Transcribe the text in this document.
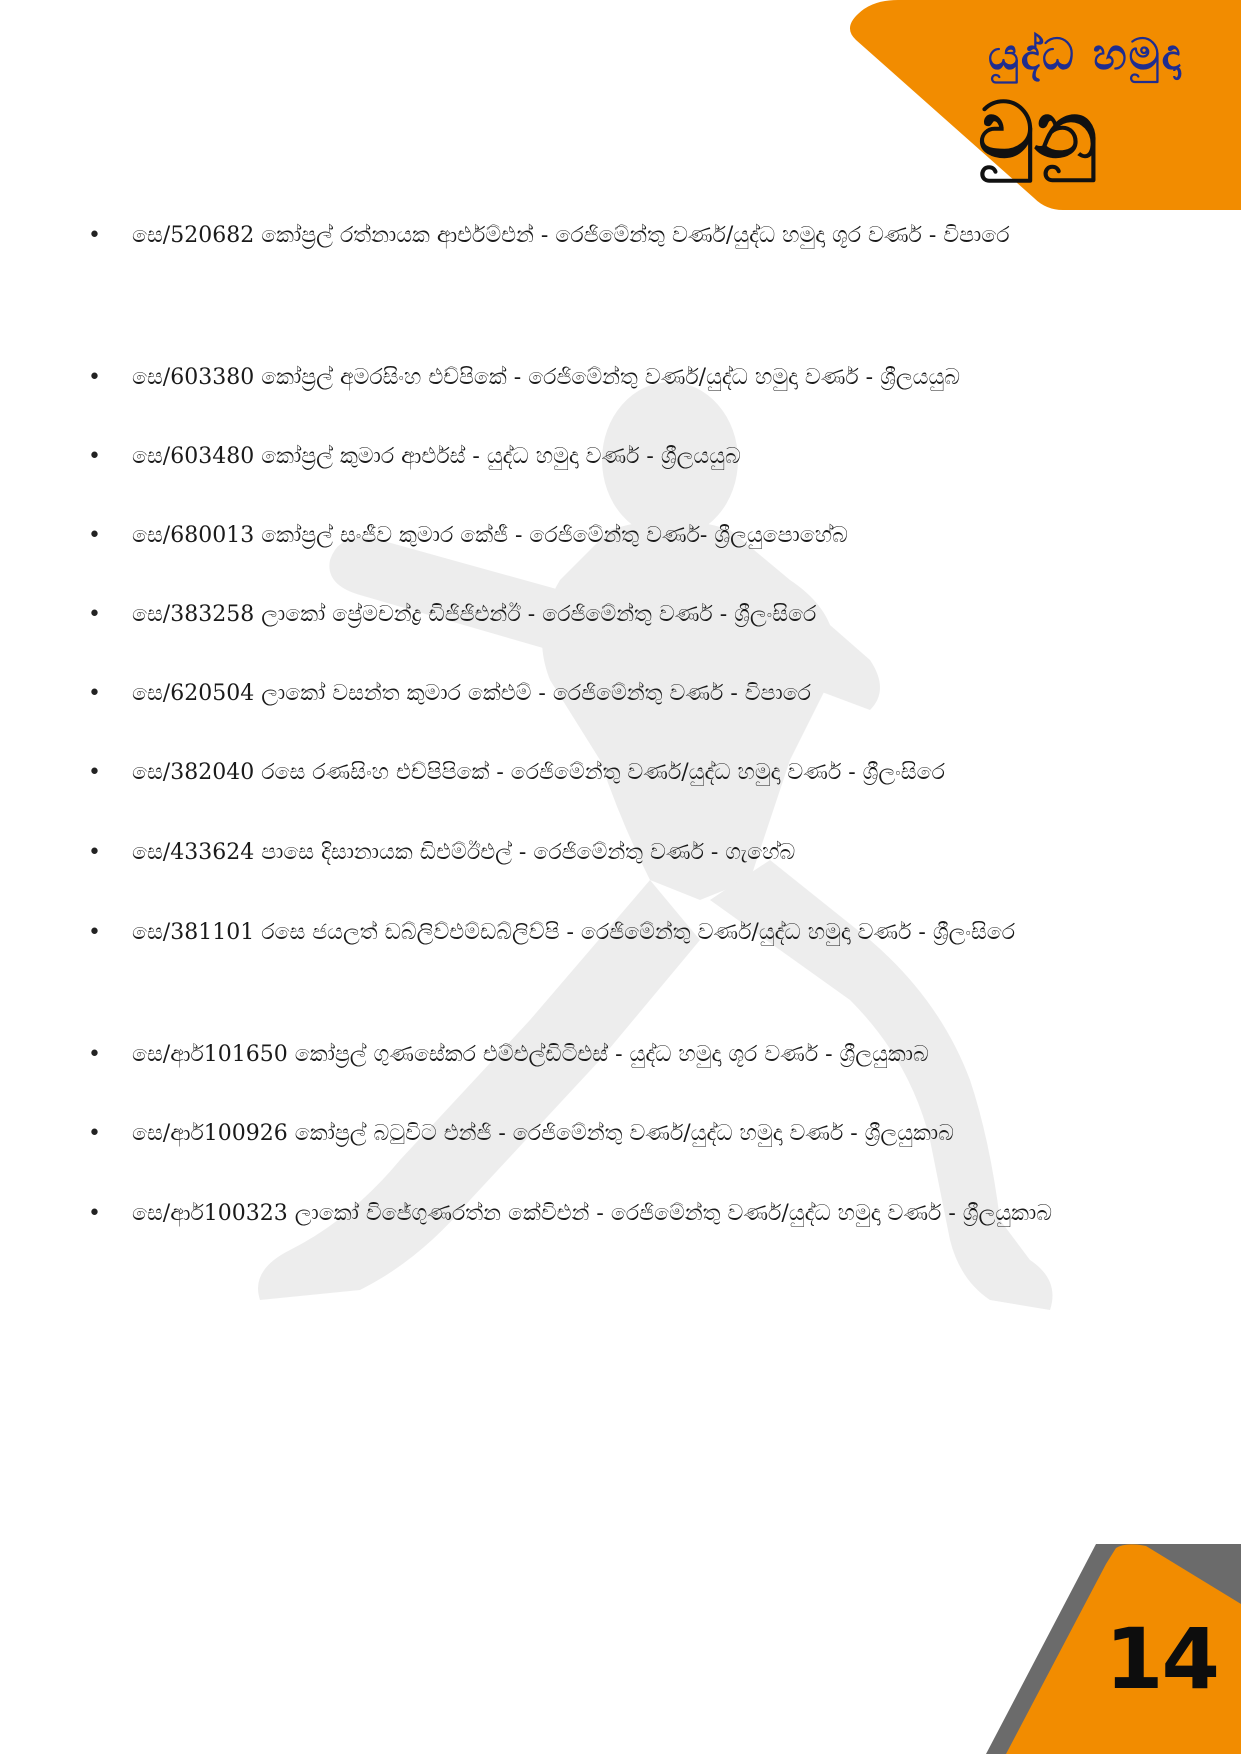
යුද්ධ හමුදා
වුනු
• සෙ/520682 කෝප්‍රල් රත්නායක ආර්එම්එන් - රෙජිමේන්තු වර්ණ/යුද්ධ හමුදා ශූර වර්ණ - විපාරෙ
• සෙ/603380 කෝප්‍රල් අමරසිංහ එච්පිකේ - රෙජිමේන්තු වර්ණ/යුද්ධ හමුදා වර්ණ - ශ්‍රීලයයුබ
• සෙ/603480 කෝප්‍රල් කුමාර ආර්එස් - යුද්ධ හමුදා වර්ණ - ශ්‍රීලයයුබ
• සෙ/680013 කෝප්‍රල් සංජීව කුමාර කේජී - රෙජිමේන්තු වර්ණ- ශ්‍රීලයුපොහේබ
• සෙ/383258 ලාකෝ ප්‍රේමචන්ද්‍ර ඩිජිජිඑන්ඊ - රෙජිමේන්තු වර්ණ - ශ්‍රීලංසිරෙ
• සෙ/620504 ලාකෝ වසන්ත කුමාර කේඑම් - රෙජිමේන්තු වර්ණ - විපාරෙ
• සෙ/382040 රසෙ රණසිංහ එච්පිපිකේ - රෙජිමේන්තු වර්ණ/යුද්ධ හමුදා වර්ණ - ශ්‍රීලංසිරෙ
• සෙ/433624 පාසෙ දිසානායක ඩිඑම්ඊඑල් - රෙජිමේන්තු වර්ණ - ගැහේබ
• සෙ/381101 රසෙ ජයලත් ඩබ්ලිව්එම්ඩබ්ලිව්පි - රෙජිමේන්තු වර්ණ/යුද්ධ හමුදා වර්ණ - ශ්‍රීලංසිරෙ
• සෙ/ආර්101650 කෝප්‍රල් ගුණසේකර එම්එල්ඩිටිඑස් - යුද්ධ හමුදා ශූර වර්ණ - ශ්‍රීලයුකාබ
• සෙ/ආර්100926 කෝප්‍රල් බටුවිට එන්ජි - රෙජිමේන්තු වර්ණ/යුද්ධ හමුදා වර්ණ - ශ්‍රීලයුකාබ
• සෙ/ආර්100323 ලාකෝ විජේගුණරත්න කේවිඑන් - රෙජිමේන්තු වර්ණ/යුද්ධ හමුදා වර්ණ - ශ්‍රීලයුකාබ
14
